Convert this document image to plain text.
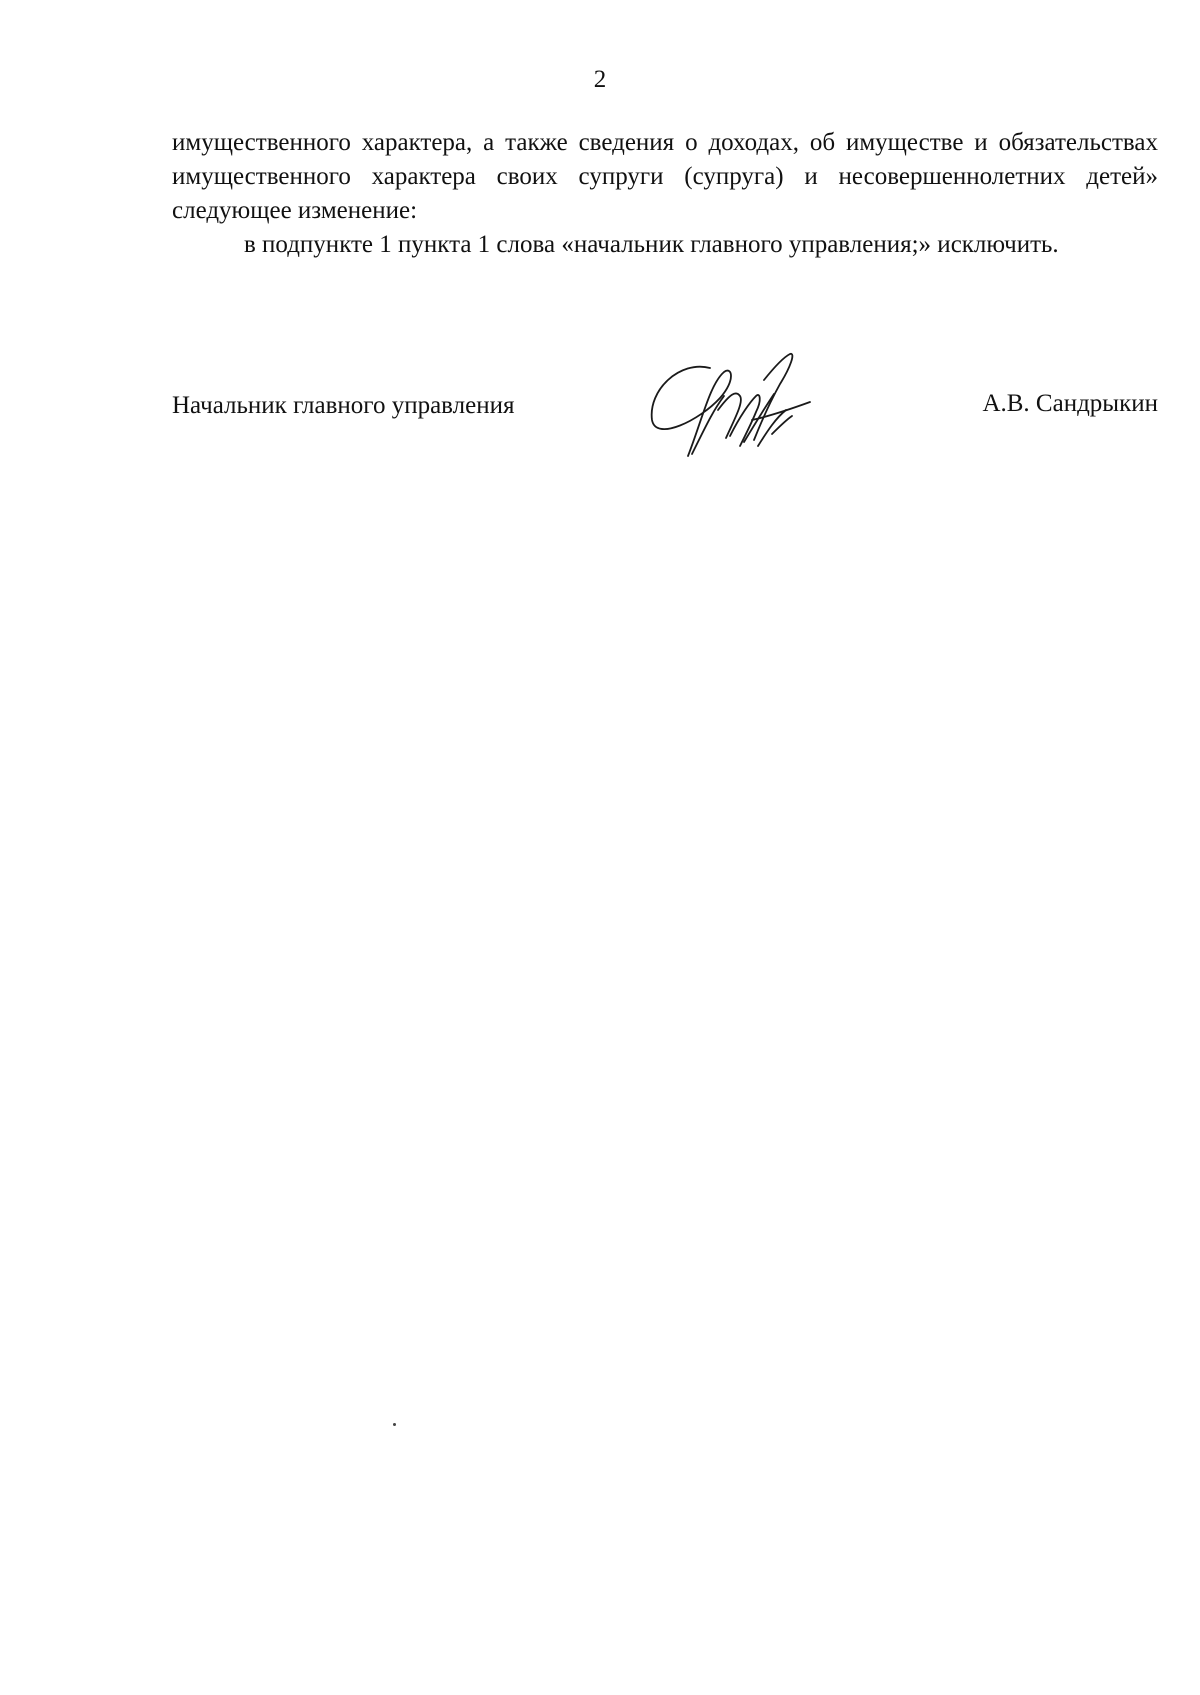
2

имущественного характера, а также сведения о доходах, об имуществе и обязательствах имущественного характера своих супруги (супруга) и несовершеннолетних детей» следующее изменение:

в подпункте 1 пункта 1 слова «начальник главного управления;» исключить.

Начальник главного управления	А.В. Сандрыкин
